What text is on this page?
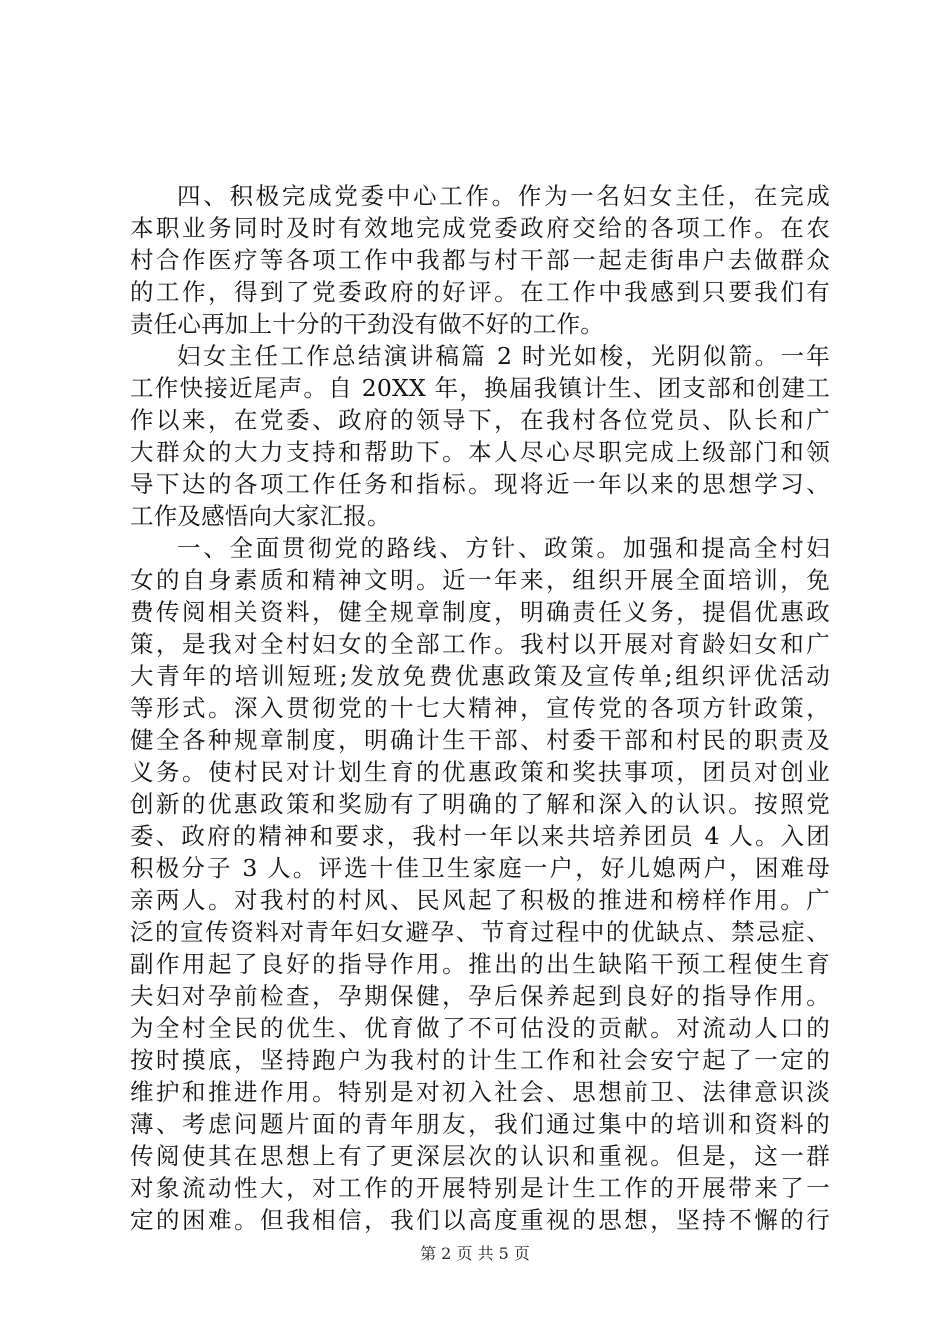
四、积极完成党委中心工作。作为一名妇女主任，在完成
本职业务同时及时有效地完成党委政府交给的各项工作。在农
村合作医疗等各项工作中我都与村干部一起走街串户去做群众
的工作，得到了党委政府的好评。在工作中我感到只要我们有
责任心再加上十分的干劲没有做不好的工作。
妇女主任工作总结演讲稿篇 2 时光如梭，光阴似箭。一年
工作快接近尾声。自 20XX 年，换届我镇计生、团支部和创建工
作以来，在党委、政府的领导下，在我村各位党员、队长和广
大群众的大力支持和帮助下。本人尽心尽职完成上级部门和领
导下达的各项工作任务和指标。现将近一年以来的思想学习、
工作及感悟向大家汇报。
一、全面贯彻党的路线、方针、政策。加强和提高全村妇
女的自身素质和精神文明。近一年来，组织开展全面培训，免
费传阅相关资料，健全规章制度，明确责任义务，提倡优惠政
策，是我对全村妇女的全部工作。我村以开展对育龄妇女和广
大青年的培训短班;发放免费优惠政策及宣传单;组织评优活动
等形式。深入贯彻党的十七大精神，宣传党的各项方针政策，
健全各种规章制度，明确计生干部、村委干部和村民的职责及
义务。使村民对计划生育的优惠政策和奖扶事项，团员对创业
创新的优惠政策和奖励有了明确的了解和深入的认识。按照党
委、政府的精神和要求，我村一年以来共培养团员 4 人。入团
积极分子 3 人。评选十佳卫生家庭一户，好儿媳两户，困难母
亲两人。对我村的村风、民风起了积极的推进和榜样作用。广
泛的宣传资料对青年妇女避孕、节育过程中的优缺点、禁忌症、
副作用起了良好的指导作用。推出的出生缺陷干预工程使生育
夫妇对孕前检查，孕期保健，孕后保养起到良好的指导作用。
为全村全民的优生、优育做了不可估没的贡献。对流动人口的
按时摸底，坚持跑户为我村的计生工作和社会安宁起了一定的
维护和推进作用。特别是对初入社会、思想前卫、法律意识淡
薄、考虑问题片面的青年朋友，我们通过集中的培训和资料的
传阅使其在思想上有了更深层次的认识和重视。但是，这一群
对象流动性大，对工作的开展特别是计生工作的开展带来了一
定的困难。但我相信，我们以高度重视的思想，坚持不懈的行
第 2 页 共 5 页
